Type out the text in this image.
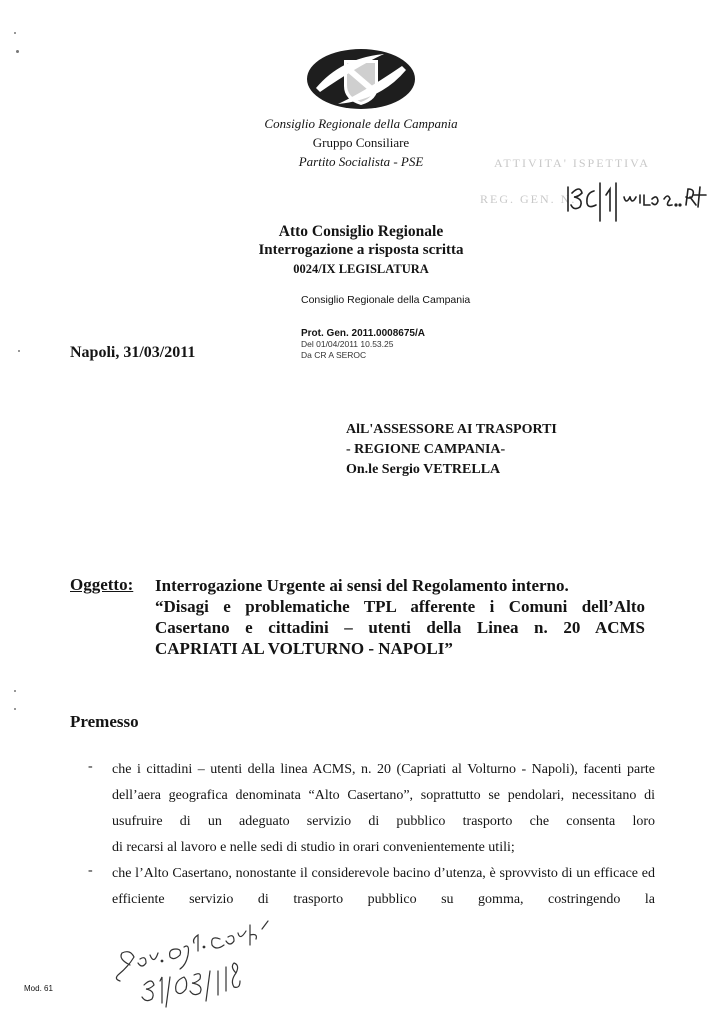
Consiglio Regionale della Campania
Gruppo Consiliare
Partito Socialista - PSE	ATTIVITA' ISPETTIVA
REG. GEN. N.
Atto Consiglio Regionale
Interrogazione a risposta scritta
0024/IX LEGISLATURA
Consiglio Regionale della Campania
Prot. Gen. 2011.0008675/A
Del 01/04/2011 10.53.25
Da CR A SEROC
Napoli, 31/03/2011
AlL'ASSESSORE AI TRASPORTI
- REGIONE CAMPANIA-
On.le Sergio VETRELLA
Oggetto: Interrogazione Urgente ai sensi del Regolamento interno.
“Disagi e problematiche TPL afferente i Comuni dell’Alto
Casertano e cittadini – utenti della Linea n. 20 ACMS
CAPRIATI AL VOLTURNO - NAPOLI”
Premesso
- che i cittadini – utenti della linea ACMS, n. 20 (Capriati al Volturno - Napoli), facenti parte dell’aera geografica denominata “Alto Casertano”, soprattutto se pendolari, necessitano di usufruire di un adeguato servizio di pubblico trasporto che consenta loro
di recarsi al lavoro e nelle sedi di studio in orari convenientemente utili;
- che l’Alto Casertano, nonostante il considerevole bacino d’utenza, è sprovvisto di un efficace ed efficiente servizio di trasporto pubblico su gomma, costringendo la
Mod. 61
